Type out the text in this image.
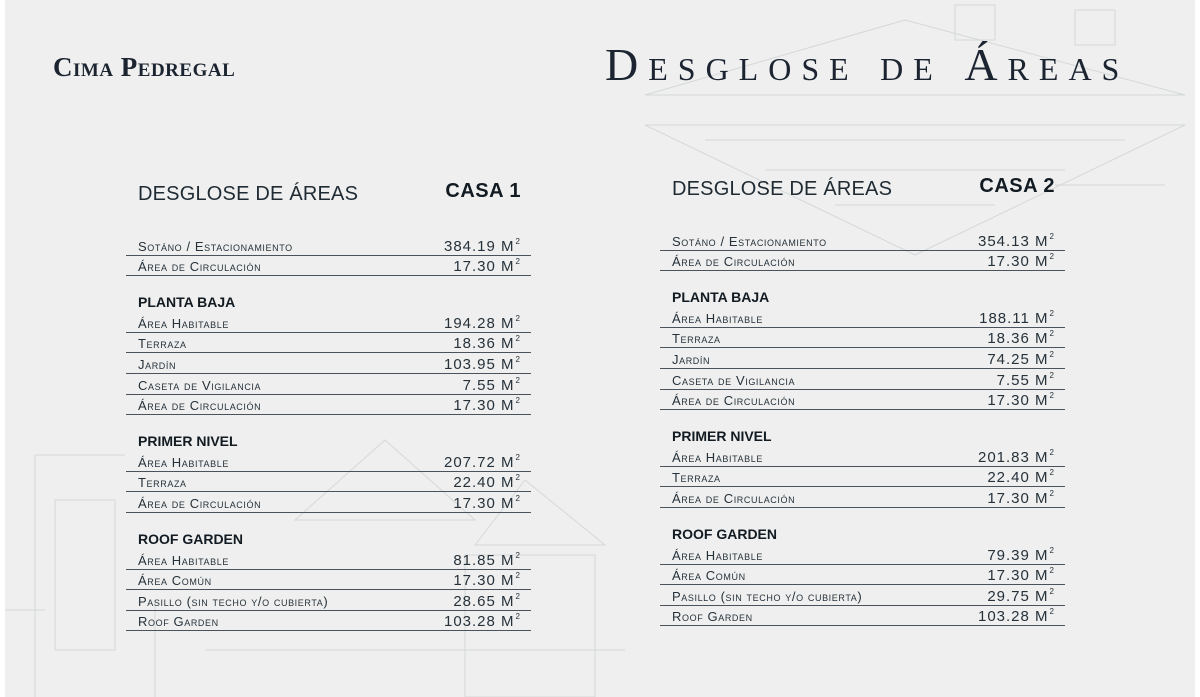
Cima Pedregal	Desglose de Áreas
DESGLOSE DE ÁREAS	CASA 1
Sotáno / Estacionamiento	384.19 $M^2$
Área de Circulación	17.30 $M^2$
PLANTA BAJA
Área Habitable	194.28 $M^2$
Terraza	18.36 $M^2$
Jardín	103.95 $M^2$
Caseta de Vigilancia	7.55 $M^2$
Área de Circulación	17.30 $M^2$
PRIMER NIVEL
Área Habitable	207.72 $M^2$
Terraza	22.40 $M^2$
Área de Circulación	17.30 $M^2$
ROOF GARDEN
Área Habitable	81.85 $M^2$
Área Común	17.30 $M^2$
Pasillo (sin techo y/o cubierta)	28.65 $M^2$
Roof Garden	103.28 $M^2$
DESGLOSE DE ÁREAS	CASA 2
Sotáno / Estacionamiento	354.13 $M^2$
Área de Circulación	17.30 $M^2$
PLANTA BAJA
Área Habitable	188.11 $M^2$
Terraza	18.36 $M^2$
Jardín	74.25 $M^2$
Caseta de Vigilancia	7.55 $M^2$
Área de Circulación	17.30 $M^2$
PRIMER NIVEL
Área Habitable	201.83 $M^2$
Terraza	22.40 $M^2$
Área de Circulación	17.30 $M^2$
ROOF GARDEN
Área Habitable	79.39 $M^2$
Área Común	17.30 $M^2$
Pasillo (sin techo y/o cubierta)	29.75 $M^2$
Roof Garden	103.28 $M^2$
